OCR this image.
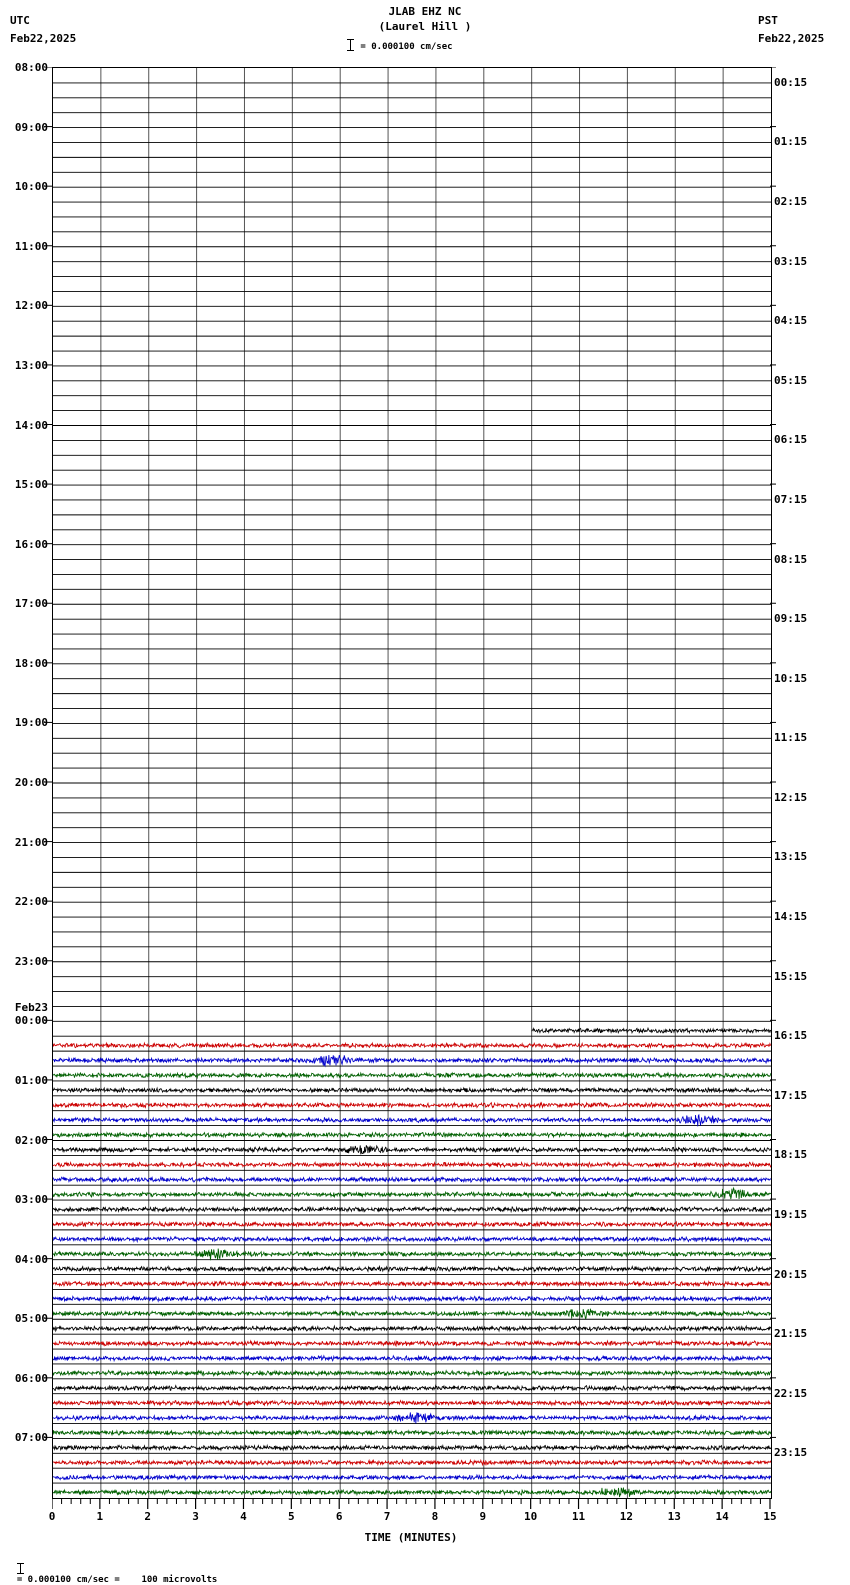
UTC
Feb22,2025
JLAB EHZ NC
(Laurel Hill )
= 0.000100 cm/sec
PST
Feb22,2025
08:00
00:15
09:00
01:15
10:00
02:15
11:00
03:15
12:00
04:15
13:00
05:15
14:00
06:15
15:00
07:15
16:00
08:15
17:00
09:15
18:00
10:15
19:00
11:15
20:00
12:15
21:00
13:15
22:00
14:15
23:00
15:15
00:00
16:15
01:00
17:15
02:00
18:15
03:00
19:15
04:00
20:15
05:00
21:15
06:00
22:15
07:00
23:15
Feb23
0	1	2	3	4	5	6	7	8	9	10	11	12	13	14	15
TIME (MINUTES)

= 0.000100 cm/sec =    100 microvolts
